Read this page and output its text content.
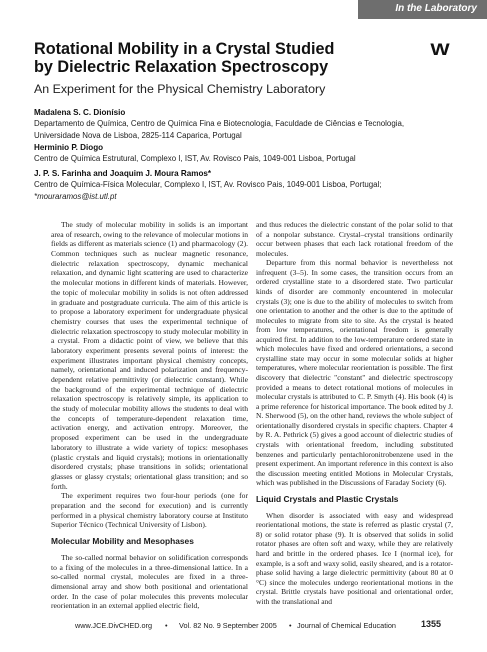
In the Laboratory
Rotational Mobility in a Crystal Studied
by Dielectric Relaxation Spectroscopy
W
An Experiment for the Physical Chemistry Laboratory
Madalena S. C. Dionísio
Departamento de Química, Centro de Química Fina e Biotecnologia, Faculdade de Ciências e Tecnologia,
Universidade Nova de Lisboa, 2825-114 Caparica, Portugal
Herminio P. Diogo
Centro de Química Estrutural, Complexo I, IST, Av. Rovisco Pais, 1049-001 Lisboa, Portugal
J. P. S. Farinha and Joaquim J. Moura Ramos*
Centro de Química-Física Molecular, Complexo I, IST, Av. Rovisco Pais, 1049-001 Lisboa, Portugal;
*mouraramos@ist.utl.pt

The study of molecular mobility in solids is an important area of research, owing to the relevance of molecular motions in fields as different as materials science (1) and pharmacology (2). Common techniques such as nuclear magnetic resonance, dielectric relaxation spectroscopy, dynamic mechanical relaxation, and dynamic light scattering are used to characterize the molecular motions in different kinds of materials. However, the topic of molecular mobility in solids is not often addressed in graduate and postgraduate curricula. The aim of this article is to propose a laboratory experiment for undergraduate physical chemistry courses that uses the experimental technique of dielectric relaxation spectroscopy to study molecular mobility in a crystal. From a didactic point of view, we believe that this laboratory experiment presents several points of interest: the experiment illustrates important physical chemistry concepts, namely, orientational and induced polarization and frequency-dependent relative permittivity (or dielectric constant). While the background of the experimental technique of dielectric relaxation spectroscopy is relatively simple, its application to the study of molecular mobility allows the students to deal with the concepts of temperature-dependent relaxation time, activation energy, and activation entropy. Moreover, the proposed experiment can be used in the undergraduate laboratory to illustrate a wide variety of topics: mesophases (plastic crystals and liquid crystals); motions in orientationally disordered crystals; phase transitions in solids; orientational glasses or glassy crystals; orientational glass transition; and so forth.

The experiment requires two four-hour periods (one for preparation and the second for execution) and is currently performed in a physical chemistry laboratory course at Instituto Superior Técnico (Technical University of Lisbon).

Molecular Mobility and Mesophases

The so-called normal behavior on solidification corresponds to a fixing of the molecules in a three-dimensional lattice. In a so-called normal crystal, molecules are fixed in a three-dimensional array and show both positional and orientational order. In the case of polar molecules this prevents molecular reorientation in an external applied electric field,

and thus reduces the dielectric constant of the polar solid to that of a nonpolar substance. Crystal–crystal transitions ordinarily occur between phases that each lack rotational freedom of the molecules.

Departure from this normal behavior is nevertheless not infrequent (3–5). In some cases, the transition occurs from an ordered crystalline state to a disordered state. Two particular kinds of disorder are commonly encountered in molecular crystals (3); one is due to the ability of molecules to switch from one orientation to another and the other is due to the aptitude of molecules to migrate from site to site. As the crystal is heated from low temperatures, orientational freedom is generally acquired first. In addition to the low-temperature ordered state in which molecules have fixed and ordered orientations, a second crystalline state may occur in some molecular solids at higher temperatures, where molecular reorientation is possible. The first discovery that dielectric "constant" and dielectric spectroscopy provided a means to detect rotational motions of molecules in molecular crystals is attributed to C. P. Smyth (4). His book (4) is a prime reference for historical importance. The book edited by J. N. Sherwood (5), on the other hand, reviews the whole subject of orientationally disordered crystals in specific chapters. Chapter 4 by R. A. Pethrick (5) gives a good account of dielectric studies of crystals with orientational freedom, including substituted benzenes and particularly pentachloronitrobenzene used in the present experiment. An important reference in this context is also the discussion meeting entitled Motions in Molecular Crystals, which was published in the Discussions of Faraday Society (6).

Liquid Crystals and Plastic Crystals

When disorder is associated with easy and widespread reorientational motions, the state is referred as plastic crystal (7, 8) or solid rotator phase (9). It is observed that solids in solid rotator phases are often soft and waxy, while they are relatively hard and brittle in the ordered phases. Ice I (normal ice), for example, is a soft and waxy solid, easily sheared, and is a rotator-phase solid having a large dielectric permittivity (about 80 at 0 °C) since the molecules undergo reorientational motions in the crystal. Brittle crystals have positional and orientational order, with the translational and

www.JCE.DivCHED.org • Vol. 82 No. 9 September 2005 • Journal of Chemical Education	1355
